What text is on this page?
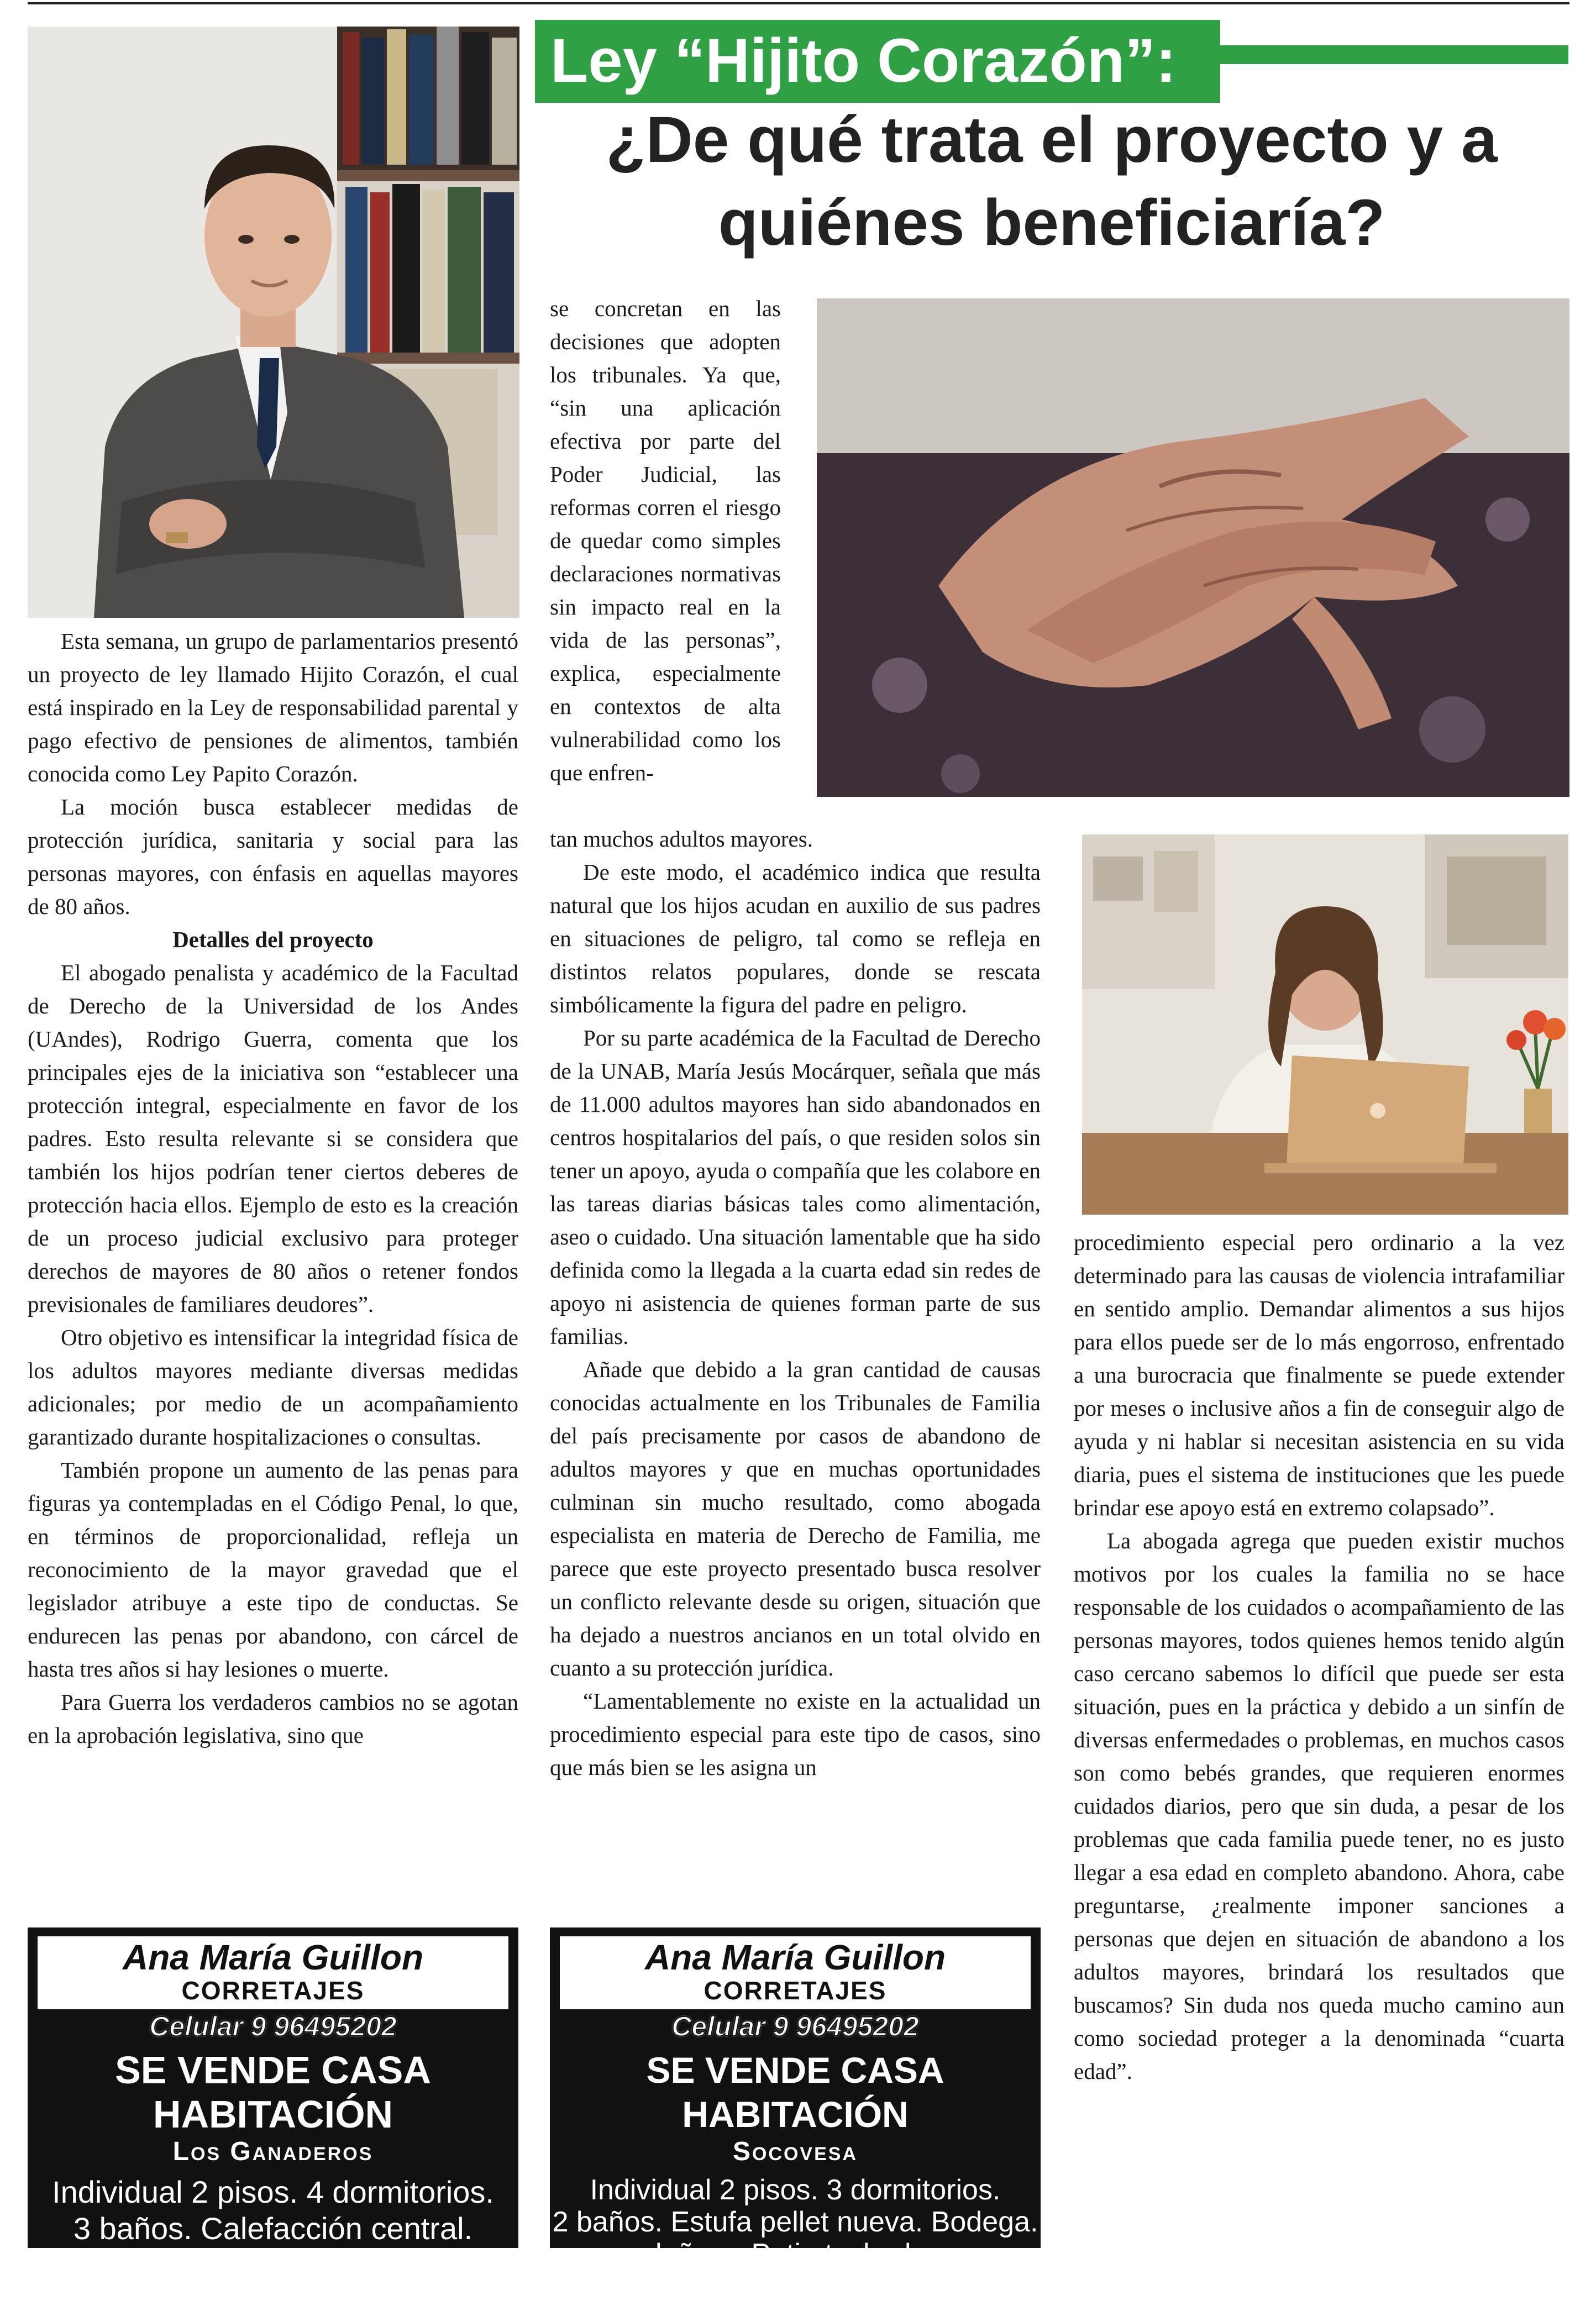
Ley “Hijito Corazón”:
¿De qué trata el proyecto y a
quiénes beneficiaría?

Esta semana, un grupo de parlamentarios presentó un proyecto de ley llamado Hijito Corazón, el cual está inspirado en la Ley de responsabilidad parental y pago efectivo de pensiones de alimentos, también conocida como Ley Papito Corazón.

La moción busca establecer medidas de protección jurídica, sanitaria y social para las personas mayores, con énfasis en aquellas mayores de 80 años.

Detalles del proyecto

El abogado penalista y académico de la Facultad de Derecho de la Universidad de los Andes (UAndes), Rodrigo Guerra, comenta que los principales ejes de la iniciativa son “establecer una protección integral, especialmente en favor de los padres. Esto resulta relevante si se considera que también los hijos podrían tener ciertos deberes de protección hacia ellos. Ejemplo de esto es la creación de un proceso judicial exclusivo para proteger derechos de mayores de 80 años o retener fondos previsionales de familiares deudores”.

Otro objetivo es intensificar la integridad física de los adultos mayores mediante diversas medidas adicionales; por medio de un acompañamiento garantizado durante hospitalizaciones o consultas.

También propone un aumento de las penas para figuras ya contempladas en el Código Penal, lo que, en términos de proporcionalidad, refleja un reconocimiento de la mayor gravedad que el legislador atribuye a este tipo de conductas. Se endurecen las penas por abandono, con cárcel de hasta tres años si hay lesiones o muerte.

Para Guerra los verdaderos cambios no se agotan en la aprobación legislativa, sino que

se concretan en las decisiones que adopten los tribunales. Ya que, “sin una aplicación efectiva por parte del Poder Judicial, las reformas corren el riesgo de quedar como simples declaraciones normativas sin impacto real en la vida de las personas”, explica, especialmente en contextos de alta vulnerabilidad como los que enfren-

tan muchos adultos mayores.

De este modo, el académico indica que resulta natural que los hijos acudan en auxilio de sus padres en situaciones de peligro, tal como se refleja en distintos relatos populares, donde se rescata simbólicamente la figura del padre en peligro.

Por su parte académica de la Facultad de Derecho de la UNAB, María Jesús Mocárquer, señala que más de 11.000 adultos mayores han sido abandonados en centros hospitalarios del país, o que residen solos sin tener un apoyo, ayuda o compañía que les colabore en las tareas diarias básicas tales como alimentación, aseo o cuidado. Una situación lamentable que ha sido definida como la llegada a la cuarta edad sin redes de apoyo ni asistencia de quienes forman parte de sus familias.

Añade que debido a la gran cantidad de causas conocidas actualmente en los Tribunales de Familia del país precisamente por casos de abandono de adultos mayores y que en muchas oportunidades culminan sin mucho resultado, como abogada especialista en materia de Derecho de Familia, me parece que este proyecto presentado busca resolver un conflicto relevante desde su origen, situación que ha dejado a nuestros ancianos en un total olvido en cuanto a su protección jurídica.

“Lamentablemente no existe en la actualidad un procedimiento especial para este tipo de casos, sino que más bien se les asigna un

procedimiento especial pero ordinario a la vez determinado para las causas de violencia intrafamiliar en sentido amplio. Demandar alimentos a sus hijos para ellos puede ser de lo más engorroso, enfrentado a una burocracia que finalmente se puede extender por meses o inclusive años a fin de conseguir algo de ayuda y ni hablar si necesitan asistencia en su vida diaria, pues el sistema de instituciones que les puede brindar ese apoyo está en extremo colapsado”.

La abogada agrega que pueden existir muchos motivos por los cuales la familia no se hace responsable de los cuidados o acompañamiento de las personas mayores, todos quienes hemos tenido algún caso cercano sabemos lo difícil que puede ser esta situación, pues en la práctica y debido a un sinfín de diversas enfermedades o problemas, en muchos casos son como bebés grandes, que requieren enormes cuidados diarios, pero que sin duda, a pesar de los problemas que cada familia puede tener, no es justo llegar a esa edad en completo abandono. Ahora, cabe preguntarse, ¿realmente imponer sanciones a personas que dejen en situación de abandono a los adultos mayores, brindará los resultados que buscamos? Sin duda nos queda mucho camino aun como sociedad proteger a la denominada “cuarta edad”.

Ana María Guillon
CORRETAJES
Celular 9 96495202
SE VENDE CASA HABITACIÓN
Los Ganaderos
Individual 2 pisos. 4 dormitorios.
3 baños. Calefacción central.
Excelente estado - Valor UF 5.000
Ana María Guillon
CORRETAJES
Celular 9 96495202
SE VENDE CASA HABITACIÓN
Socovesa
Individual 2 pisos. 3 dormitorios.
2 baños. Estufa pellet nueva. Bodega.
leñera. Patio techado.
Excelente estado - Valor UF 4.500
